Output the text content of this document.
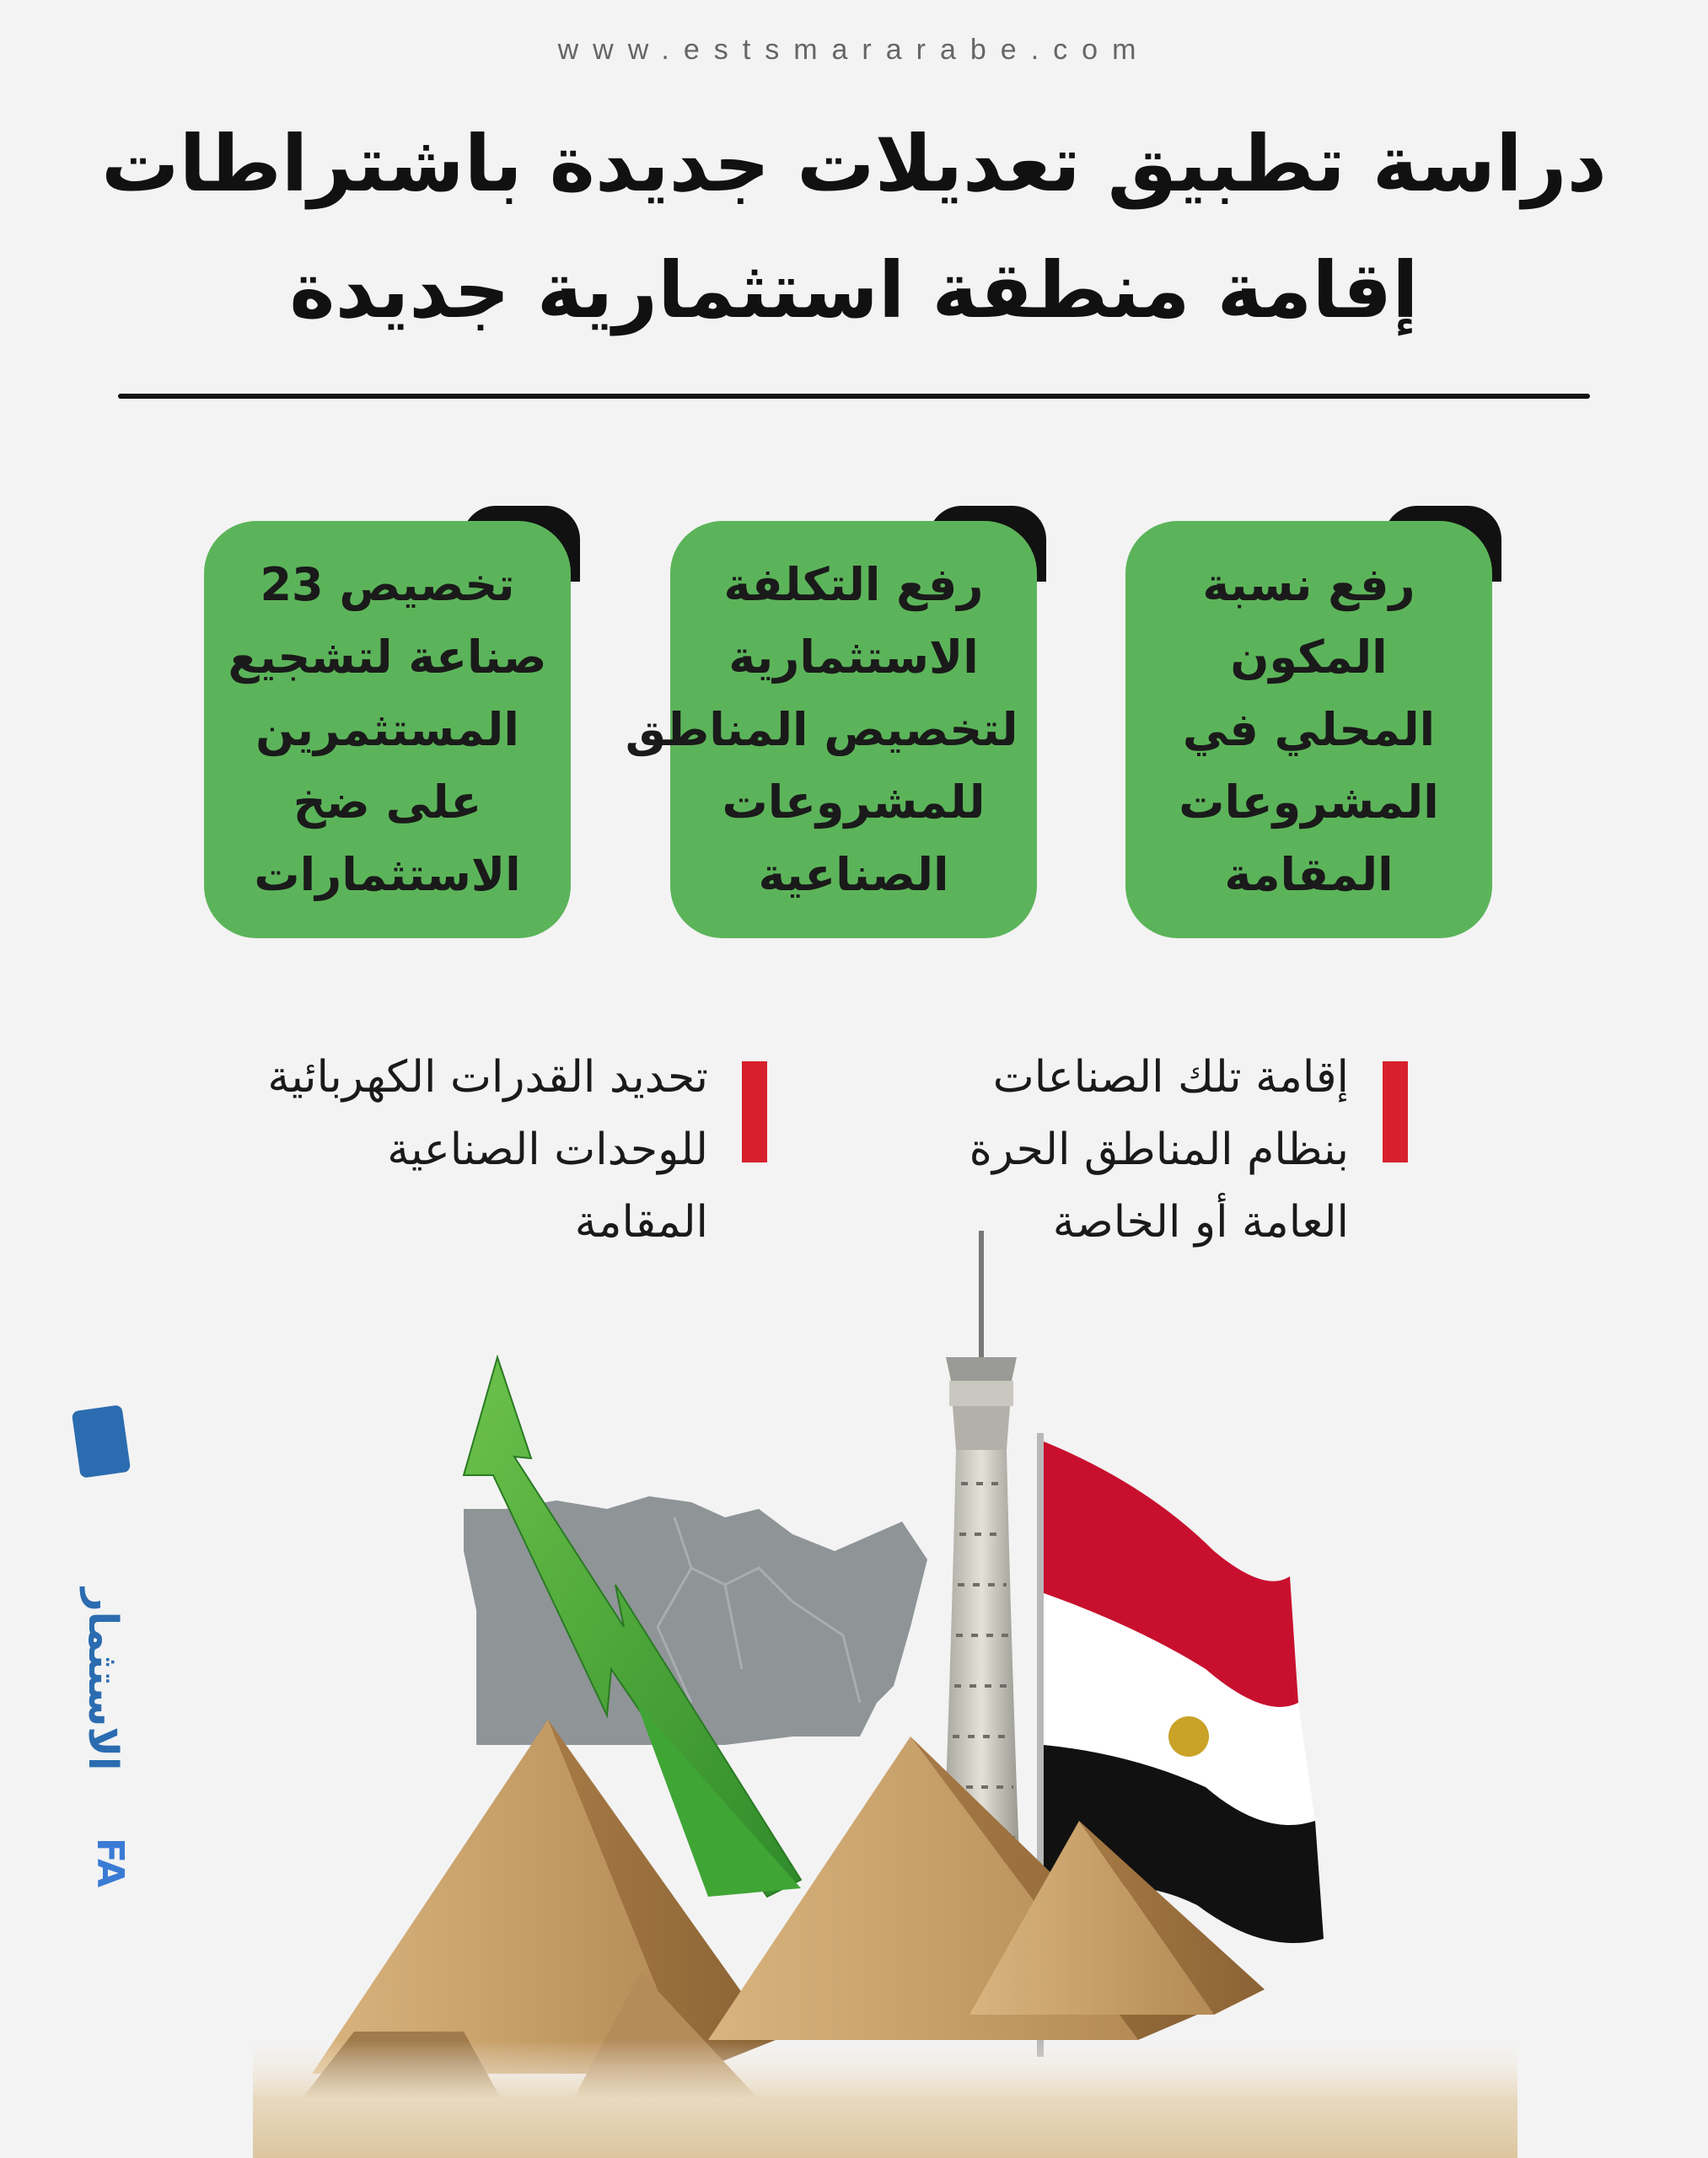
www.estsmararabe.com
دراسة تطبيق تعديلات جديدة باشتراطات
إقامة منطقة استثمارية جديدة
رفع نسبة
المكون
المحلي في
المشروعات
المقامة
رفع التكلفة
الاستثمارية
لتخصيص المناطق
للمشروعات
الصناعية
تخصيص 23
صناعة لتشجيع
المستثمرين
على ضخ
الاستثمارات
إقامة تلك الصناعات
بنظام المناطق الحرة
العامة أو الخاصة
تحديد القدرات الكهربائية
للوحدات الصناعية
المقامة
الاستثمار
FA
